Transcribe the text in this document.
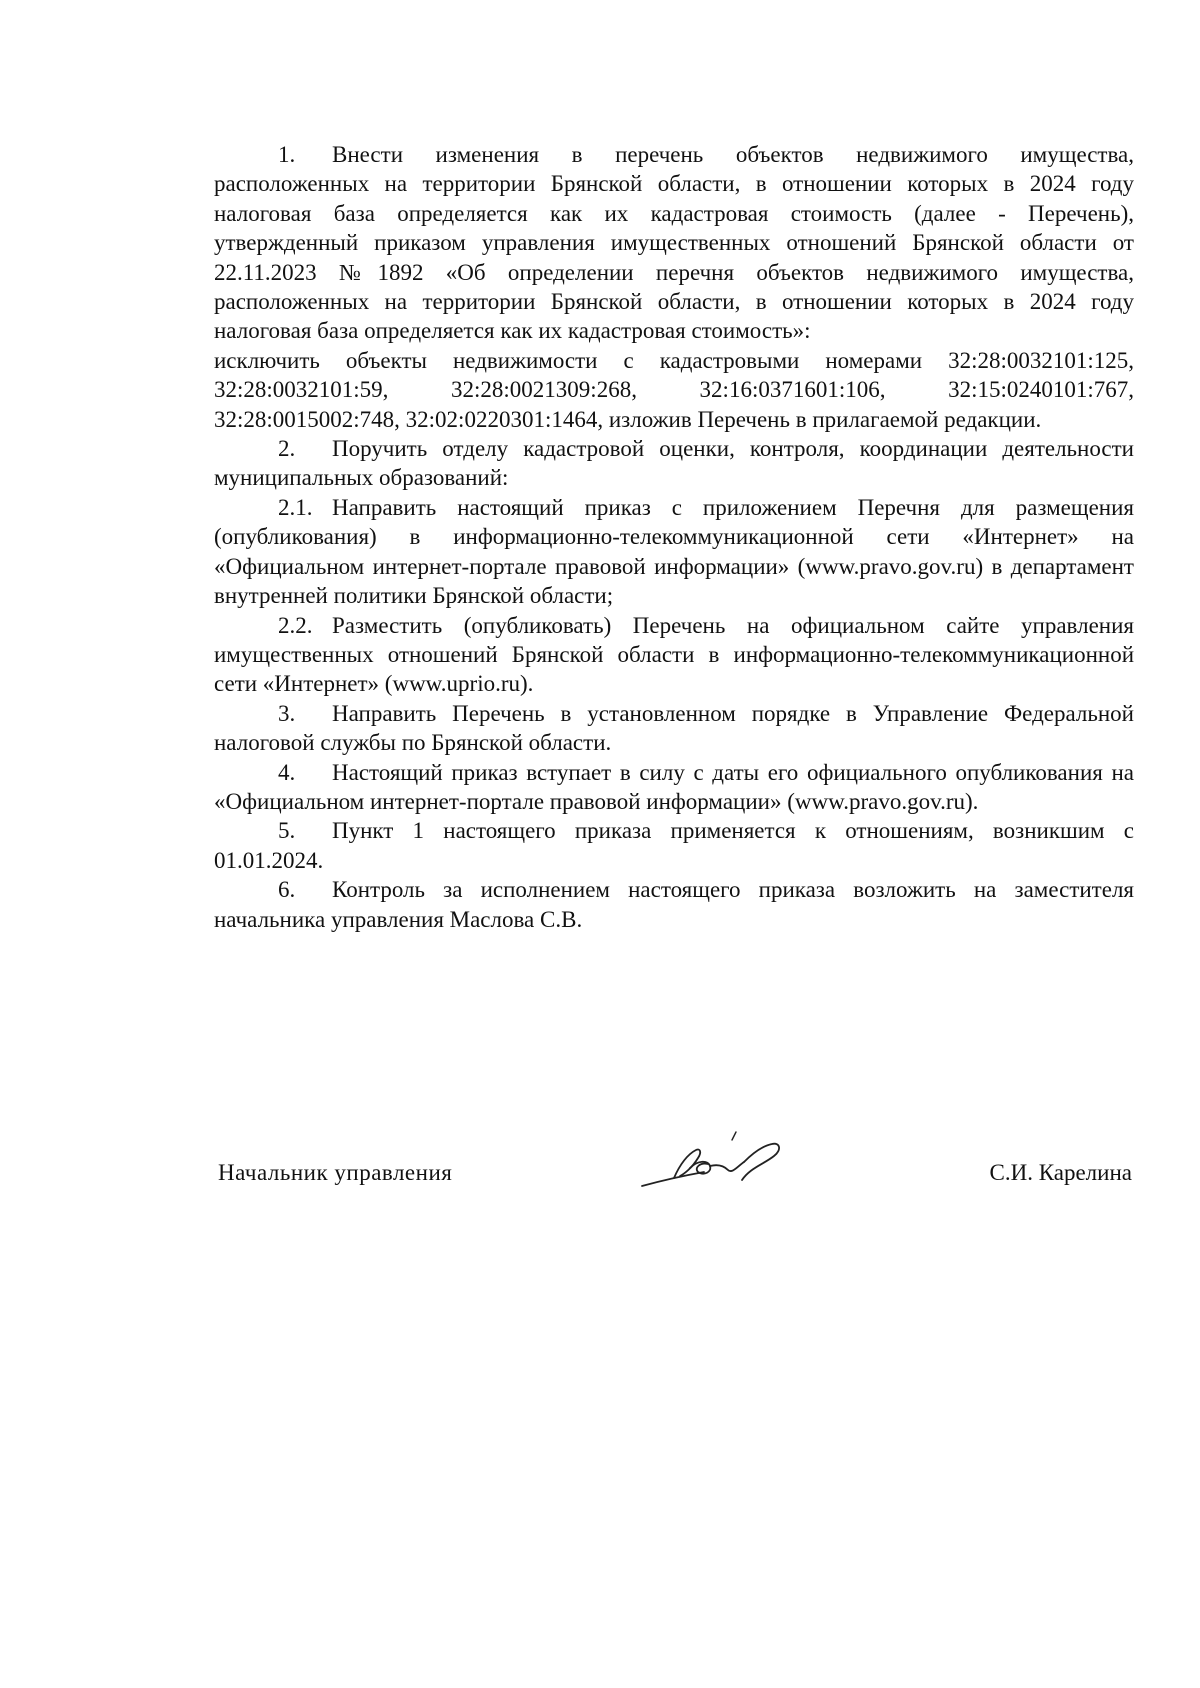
1. Внести изменения в перечень объектов недвижимого имущества, расположенных на территории Брянской области, в отношении которых в 2024 году налоговая база определяется как их кадастровая стоимость (далее - Перечень), утвержденный приказом управления имущественных отношений Брянской области от 22.11.2023 №1892 «Об определении перечня объектов недвижимого имущества, расположенных на территории Брянской области, в отношении которых в 2024 году налоговая база определяется как их кадастровая стоимость»:

исключить объекты недвижимости с кадастровыми номерами 32:28:0032101:125, 32:28:0032101:59, 32:28:0021309:268, 32:16:0371601:106, 32:15:0240101:767, 32:28:0015002:748, 32:02:0220301:1464, изложив Перечень в прилагаемой редакции.

2. Поручить отделу кадастровой оценки, контроля, координации деятельности муниципальных образований:

2.1. Направить настоящий приказ с приложением Перечня для размещения (опубликования) в информационно-телекоммуникационной сети «Интернет» на «Официальном интернет-портале правовой информации» (www.pravo.gov.ru) в департамент внутренней политики Брянской области;

2.2. Разместить (опубликовать) Перечень на официальном сайте управления имущественных отношений Брянской области в информационно-телекоммуникационной сети «Интернет» (www.uprio.ru).

3. Направить Перечень в установленном порядке в Управление Федеральной налоговой службы по Брянской области.

4. Настоящий приказ вступает в силу с даты его официального опубликования на «Официальном интернет-портале правовой информации» (www.pravo.gov.ru).

5. Пункт 1 настоящего приказа применяется к отношениям, возникшим с 01.01.2024.

6. Контроль за исполнением настоящего приказа возложить на заместителя начальника управления Маслова С.В.

Начальник управления	С.И. Карелина
